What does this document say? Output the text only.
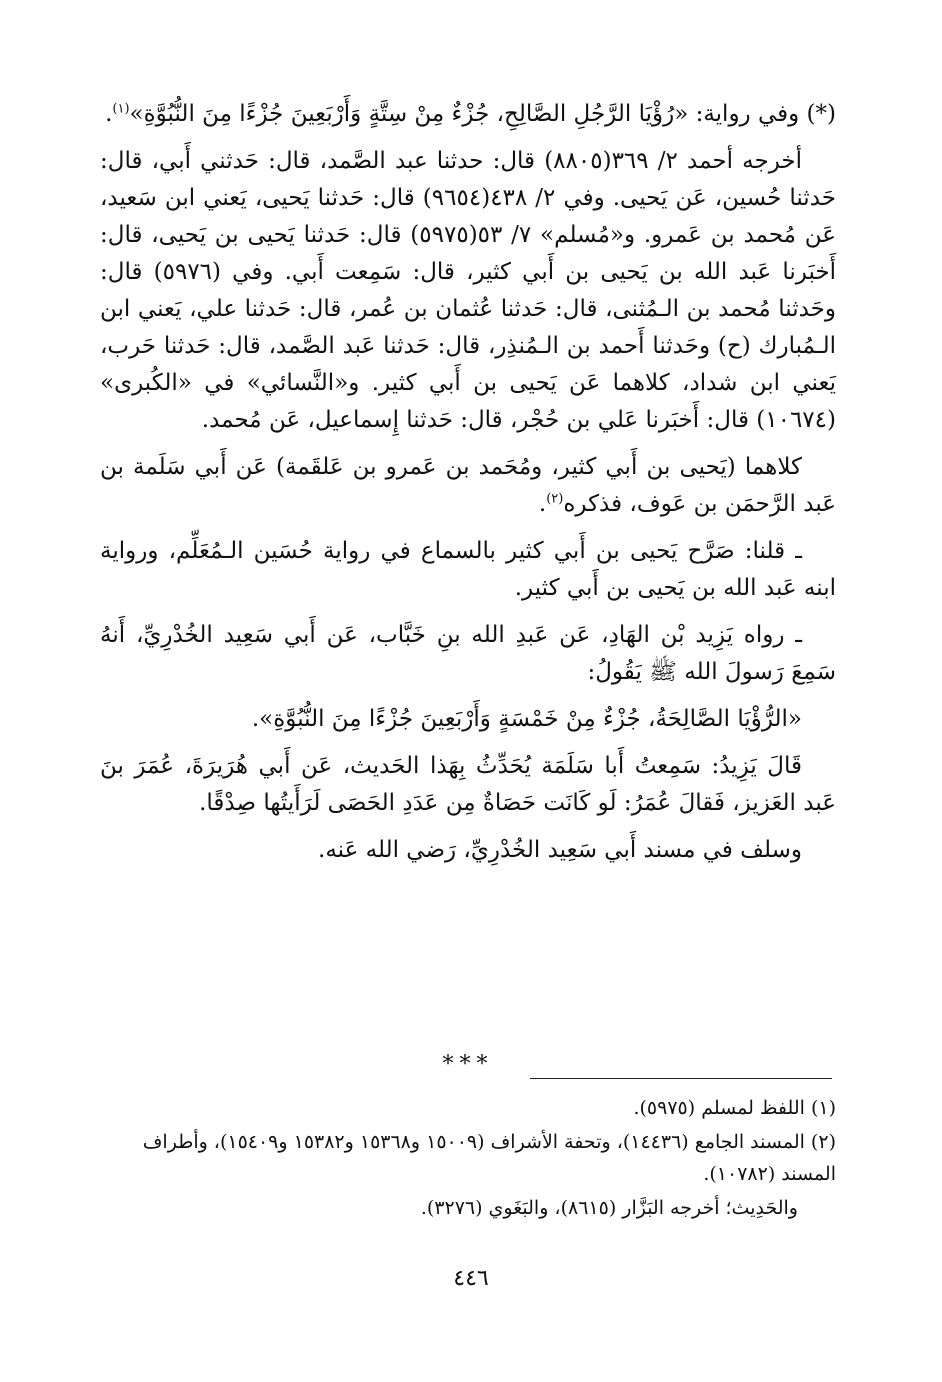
(*) وفي رواية: «رُؤْيَا الرَّجُلِ الصَّالِحِ، جُزْءٌ مِنْ سِتَّةٍ وَأَرْبَعِينَ جُزْءًا مِنَ النُّبُوَّةِ»$^{(١)}$.

أخرجه أحمد ٢/ ٣٦٩(٨٨٠٥) قال: حدثنا عبد الصَّمد، قال: حَدثني أَبي، قال: حَدثنا حُسين، عَن يَحيى. وفي ٢/ ٤٣٨(٩٦٥٤) قال: حَدثنا يَحيى، يَعني ابن سَعيد، عَن مُحمد بن عَمرو. و«مُسلم» ٧/ ٥٣(٥٩٧٥) قال: حَدثنا يَحيى بن يَحيى، قال: أَخبَرنا عَبد الله بن يَحيى بن أَبي كثير، قال: سَمِعت أَبي. وفي (٥٩٧٦) قال: وحَدثنا مُحمد بن الـمُثنى، قال: حَدثنا عُثمان بن عُمر، قال: حَدثنا علي، يَعني ابن الـمُبارك (ح) وحَدثنا أَحمد بن الـمُنذِر، قال: حَدثنا عَبد الصَّمد، قال: حَدثنا حَرب، يَعني ابن شداد، كلاهما عَن يَحيى بن أَبي كثير. و«النَّسائي» في «الكُبرى» (١٠٦٧٤) قال: أَخبَرنا عَلي بن حُجْر، قال: حَدثنا إِسماعيل، عَن مُحمد.

كلاهما (يَحيى بن أَبي كثير، ومُحَمد بن عَمرو بن عَلقَمة) عَن أَبي سَلَمة بن عَبد الرَّحمَن بن عَوف، فذكره$^{(٢)}$.

ـ قلنا: صَرَّح يَحيى بن أَبي كثير بالسماع في رواية حُسَين الـمُعَلِّم، ورواية ابنه عَبد الله بن يَحيى بن أَبي كثير.

ـ رواه يَزِيد بْن الهَادِ، عَن عَبدِ الله بنِ خَبَّاب، عَن أَبي سَعِيد الخُدْرِيِّ، أَنهُ سَمِعَ رَسولَ الله ﷺ يَقُولُ:

«الرُّؤْيَا الصَّالِحَةُ، جُزْءٌ مِنْ خَمْسَةٍ وَأَرْبَعِينَ جُزْءًا مِنَ النُّبُوَّةِ».

قَالَ يَزِيدُ: سَمِعتُ أَبا سَلَمَة يُحَدِّثُ بِهَذا الحَديث، عَن أَبي هُرَيرَةَ، عُمَرَ بنَ عَبد العَزيز، فَقالَ عُمَرُ: لَو كَانَت حَصَاةٌ مِن عَدَدِ الحَصَى لَرَأَيتُها صِدْقًا.

وسلف في مسند أَبي سَعِيد الخُدْرِيِّ، رَضي الله عَنه.

***

(١) اللفظ لمسلم (٥٩٧٥).

(٢) المسند الجامع (١٤٤٣٦)، وتحفة الأشراف (١٥٠٠٩ و١٥٣٦٨ و١٥٣٨٢ و١٥٤٠٩)، وأطراف المسند (١٠٧٨٢).

والحَدِيث؛ أخرجه البَزَّار (٨٦١٥)، والبَغَوي (٣٢٧٦).

٤٤٦
